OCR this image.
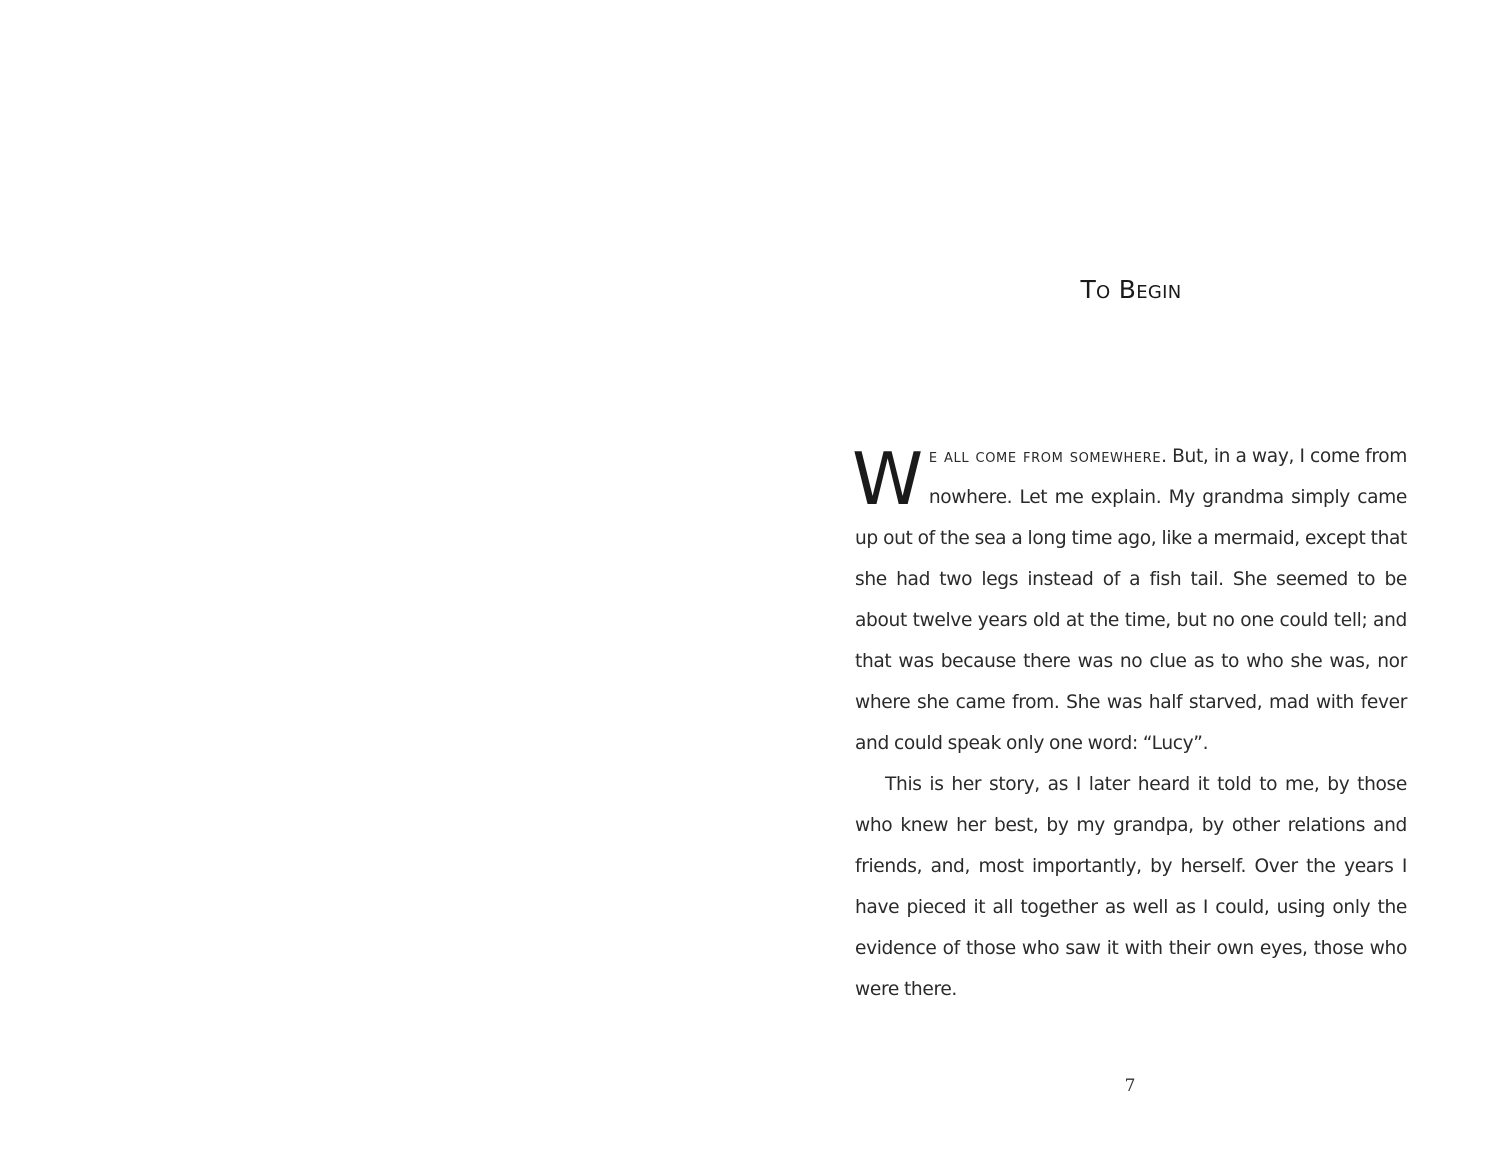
To Begin

We all come from somewhere. But, in a way, I come from nowhere. Let me explain. My grandma simply came up out of the sea a long time ago, like a mermaid, except that she had two legs instead of a fish tail. She seemed to be about twelve years old at the time, but no one could tell; and that was because there was no clue as to who she was, nor where she came from. She was half starved, mad with fever and could speak only one word: “Lucy”.

This is her story, as I later heard it told to me, by those who knew her best, by my grandpa, by other relations and friends, and, most importantly, by herself. Over the years I have pieced it all together as well as I could, using only the evidence of those who saw it with their own eyes, those who were there.

7
